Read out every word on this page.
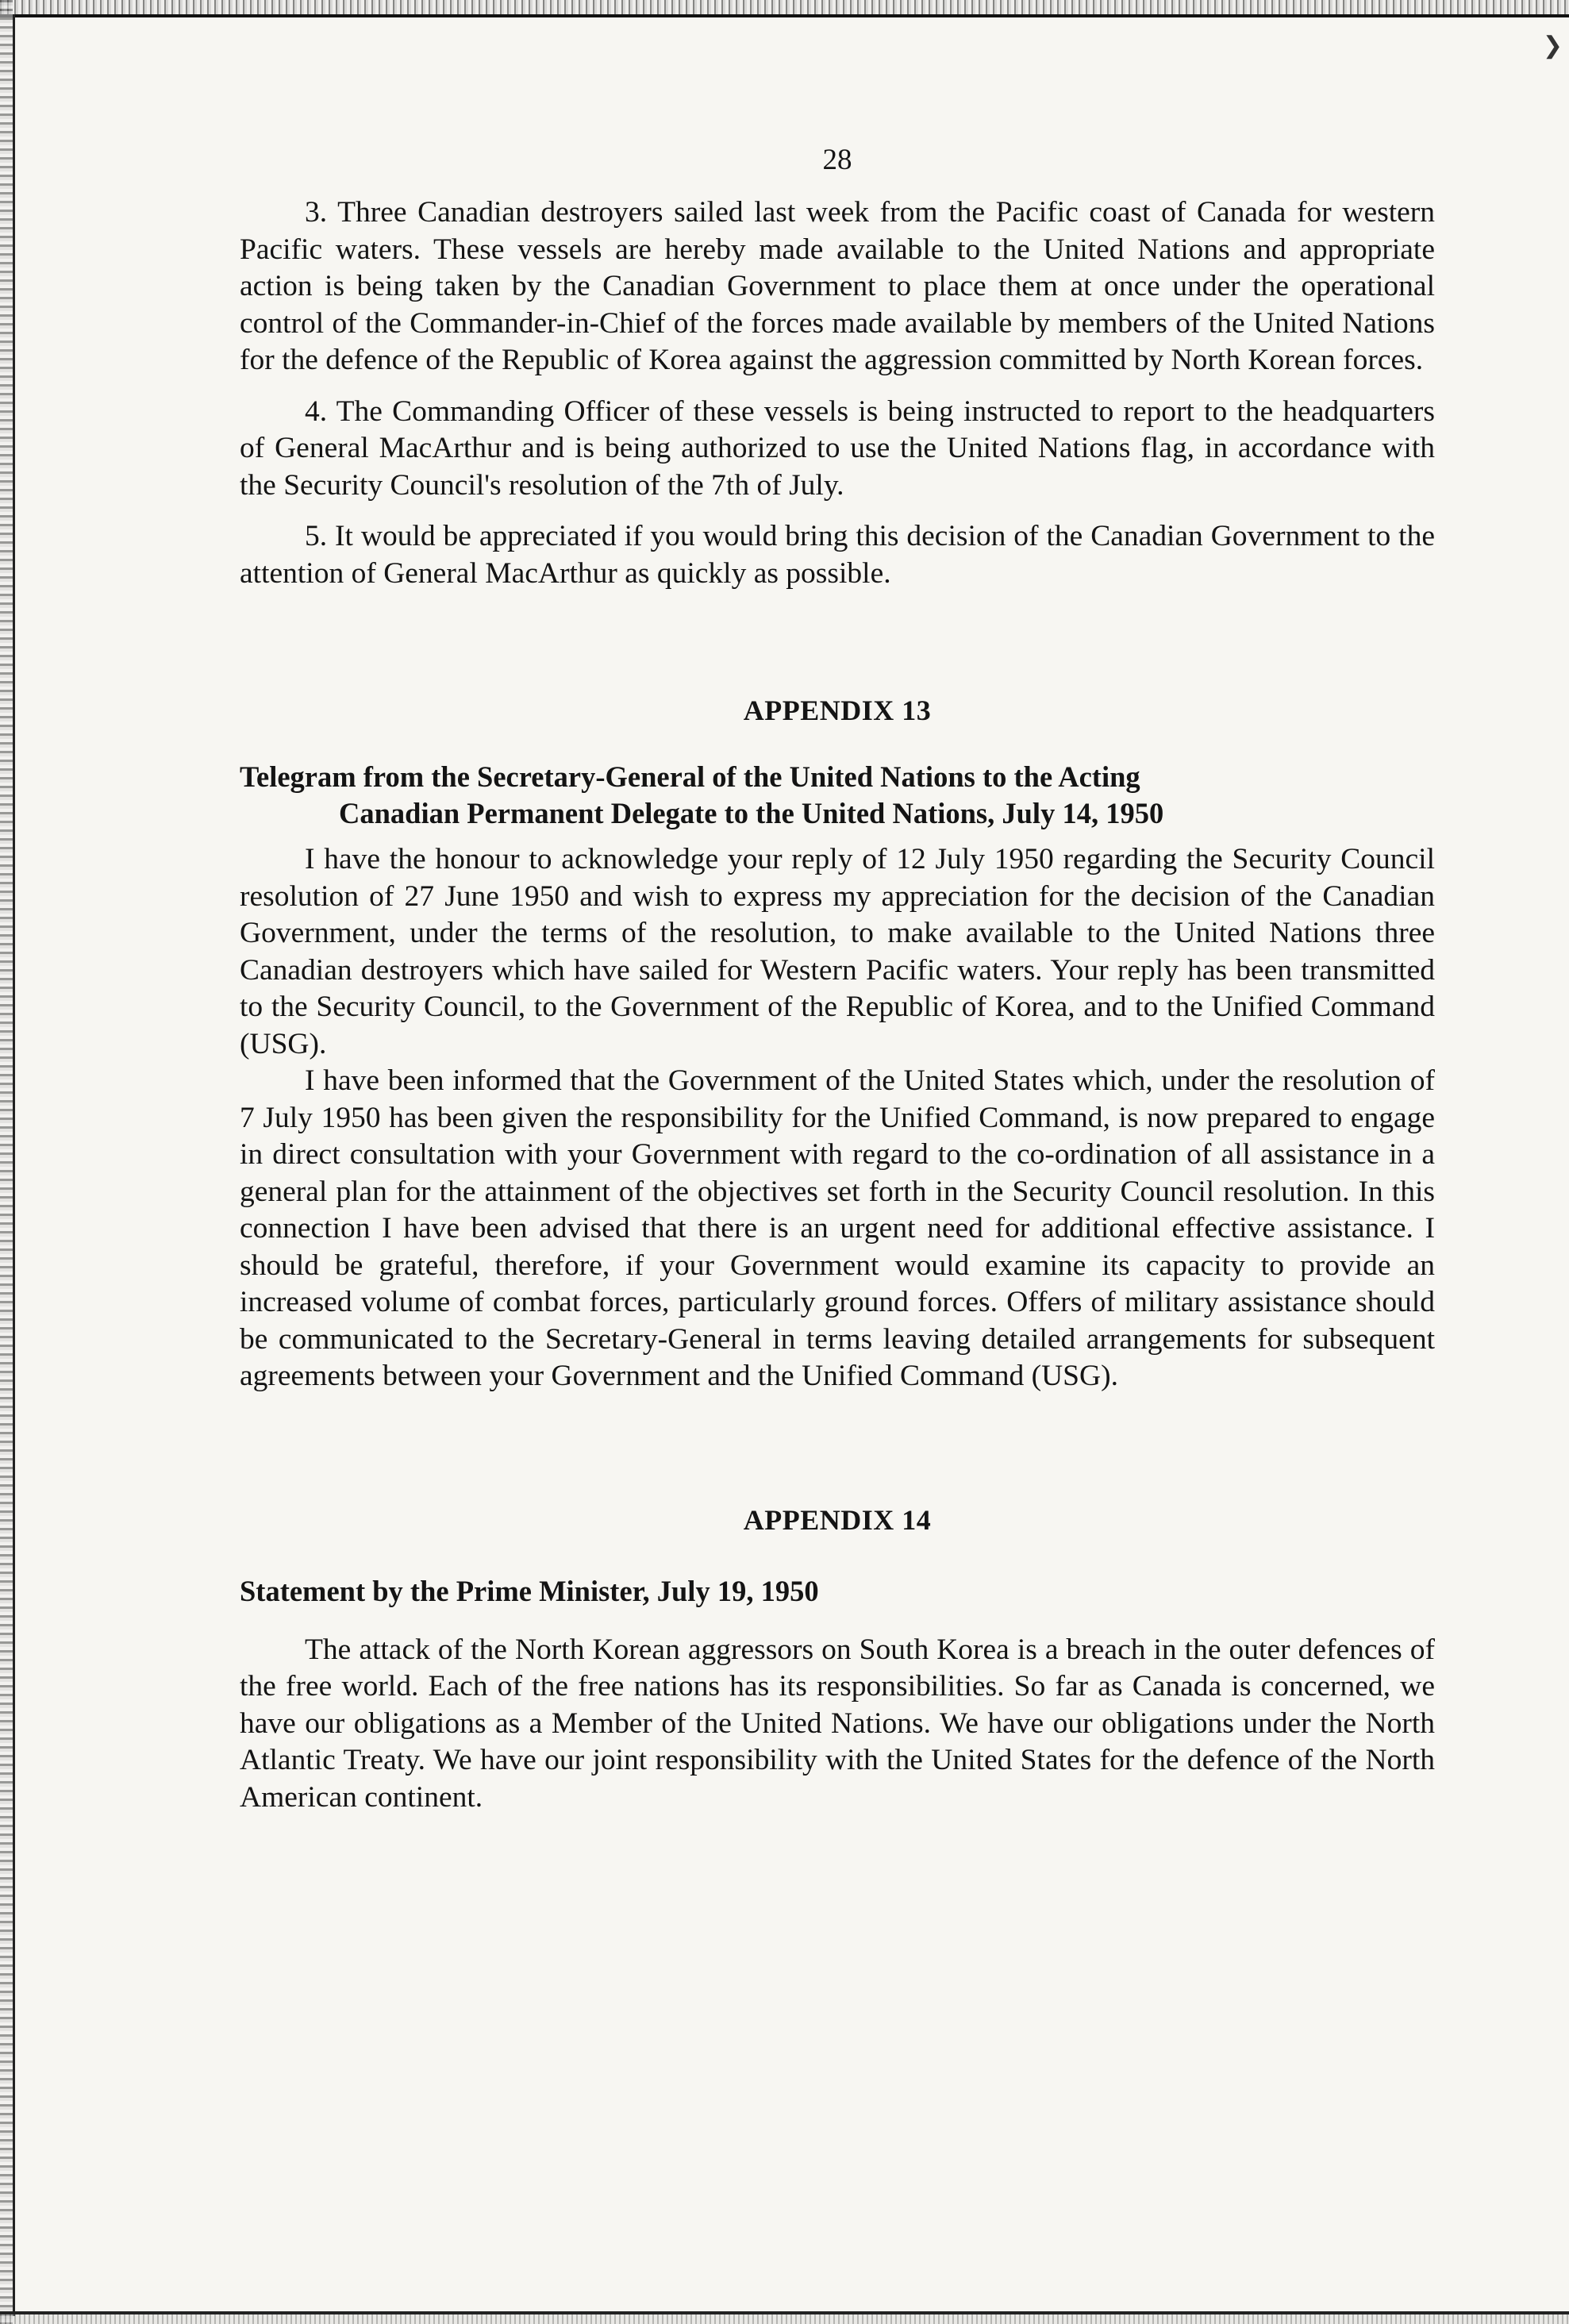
❯
28

3. Three Canadian destroyers sailed last week from the Pacific coast of Canada for western Pacific waters. These vessels are hereby made available to the United Nations and appropriate action is being taken by the Canadian Government to place them at once under the operational control of the Commander-in-Chief of the forces made available by members of the United Nations for the defence of the Republic of Korea against the aggression committed by North Korean forces.

4. The Commanding Officer of these vessels is being instructed to report to the headquarters of General MacArthur and is being authorized to use the United Nations flag, in accordance with the Security Council's resolution of the 7th of July.

5. It would be appreciated if you would bring this decision of the Canadian Government to the attention of General MacArthur as quickly as possible.

APPENDIX 13
Telegram from the Secretary-General of the United Nations to the Acting
Canadian Permanent Delegate to the United Nations, July 14, 1950

I have the honour to acknowledge your reply of 12 July 1950 regarding the Security Council resolution of 27 June 1950 and wish to express my appreciation for the decision of the Canadian Government, under the terms of the resolution, to make available to the United Nations three Canadian destroyers which have sailed for Western Pacific waters. Your reply has been transmitted to the Security Council, to the Government of the Republic of Korea, and to the Unified Command (USG).

I have been informed that the Government of the United States which, under the resolution of 7 July 1950 has been given the responsibility for the Unified Command, is now prepared to engage in direct consultation with your Government with regard to the co-ordination of all assistance in a general plan for the attainment of the objectives set forth in the Security Council resolution. In this connection I have been advised that there is an urgent need for additional effective assistance. I should be grateful, therefore, if your Government would examine its capacity to provide an increased volume of combat forces, particularly ground forces. Offers of military assistance should be communicated to the Secretary-General in terms leaving detailed arrangements for subsequent agreements between your Government and the Unified Command (USG).

APPENDIX 14
Statement by the Prime Minister, July 19, 1950

The attack of the North Korean aggressors on South Korea is a breach in the outer defences of the free world. Each of the free nations has its responsibilities. So far as Canada is concerned, we have our obligations as a Member of the United Nations. We have our obligations under the North Atlantic Treaty. We have our joint responsibility with the United States for the defence of the North American continent.
